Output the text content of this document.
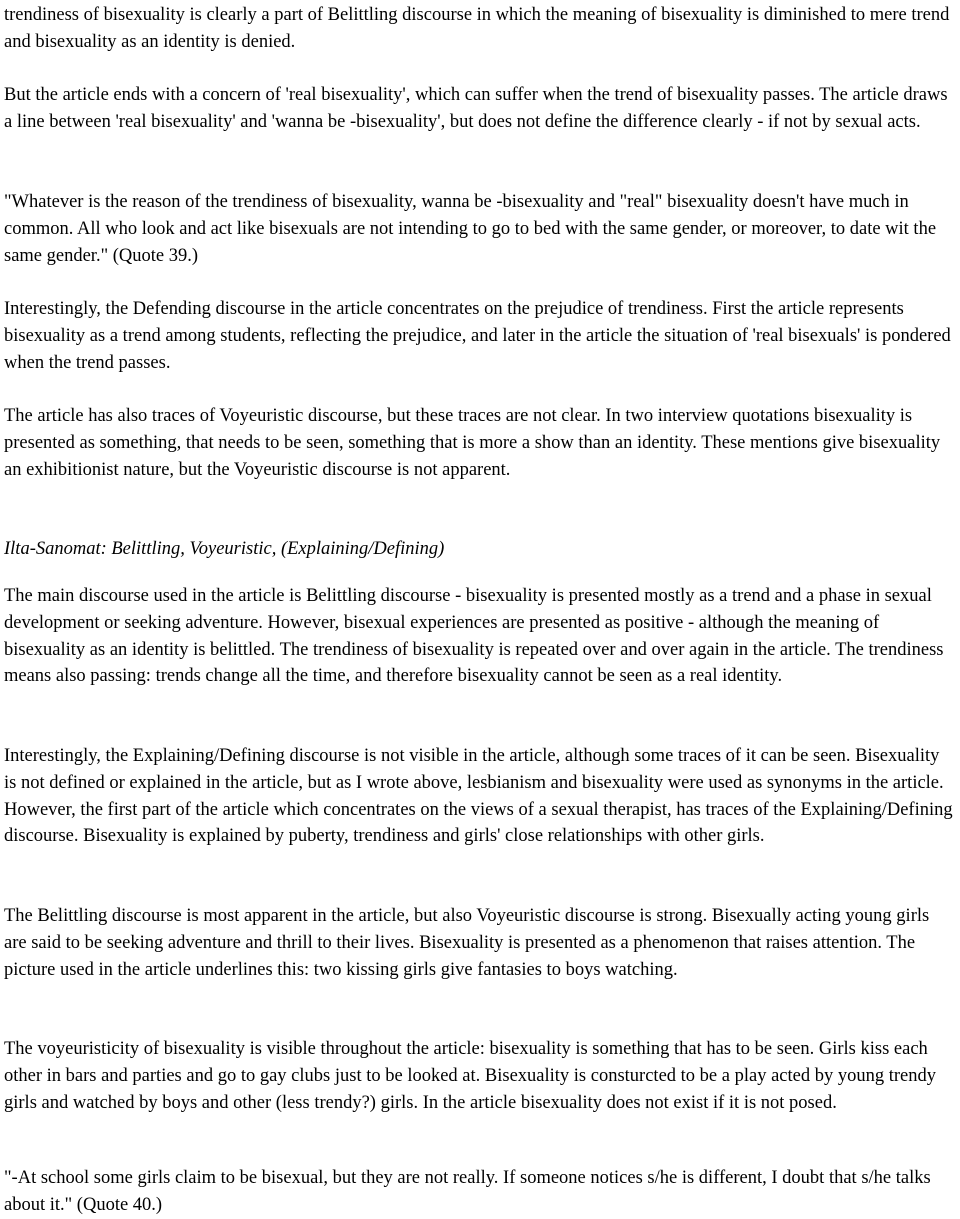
trendiness of bisexuality is clearly a part of Belittling discourse in which the meaning of bisexuality is diminished to mere trend and bisexuality as an identity is denied.

But the article ends with a concern of 'real bisexuality', which can suffer when the trend of bisexuality passes. The article draws a line between 'real bisexuality' and 'wanna be -bisexuality', but does not define the difference clearly - if not by sexual acts.

"Whatever is the reason of the trendiness of bisexuality, wanna be -bisexuality and "real" bisexuality doesn't have much in common. All who look and act like bisexuals are not intending to go to bed with the same gender, or moreover, to date wit the same gender." (Quote 39.)

Interestingly, the Defending discourse in the article concentrates on the prejudice of trendiness. First the article represents bisexuality as a trend among students, reflecting the prejudice, and later in the article the situation of 'real bisexuals' is pondered when the trend passes.

The article has also traces of Voyeuristic discourse, but these traces are not clear. In two interview quotations bisexuality is presented as something, that needs to be seen, something that is more a show than an identity. These mentions give bisexuality an exhibitionist nature, but the Voyeuristic discourse is not apparent.

Ilta-Sanomat: Belittling, Voyeuristic, (Explaining/Defining)

The main discourse used in the article is Belittling discourse - bisexuality is presented mostly as a trend and a phase in sexual development or seeking adventure. However, bisexual experiences are presented as positive - although the meaning of bisexuality as an identity is belittled. The trendiness of bisexuality is repeated over and over again in the article. The trendiness means also passing: trends change all the time, and therefore bisexuality cannot be seen as a real identity.

Interestingly, the Explaining/Defining discourse is not visible in the article, although some traces of it can be seen. Bisexuality is not defined or explained in the article, but as I wrote above, lesbianism and bisexuality were used as synonyms in the article. However, the first part of the article which concentrates on the views of a sexual therapist, has traces of the Explaining/Defining discourse. Bisexuality is explained by puberty, trendiness and girls' close relationships with other girls.

The Belittling discourse is most apparent in the article, but also Voyeuristic discourse is strong. Bisexually acting young girls are said to be seeking adventure and thrill to their lives. Bisexuality is presented as a phenomenon that raises attention. The picture used in the article underlines this: two kissing girls give fantasies to boys watching.

The voyeuristicity of bisexuality is visible throughout the article: bisexuality is something that has to be seen. Girls kiss each other in bars and parties and go to gay clubs just to be looked at. Bisexuality is consturcted to be a play acted by young trendy girls and watched by boys and other (less trendy?) girls. In the article bisexuality does not exist if it is not posed.

"-At school some girls claim to be bisexual, but they are not really. If someone notices s/he is different, I doubt that s/he talks about it." (Quote 40.)
